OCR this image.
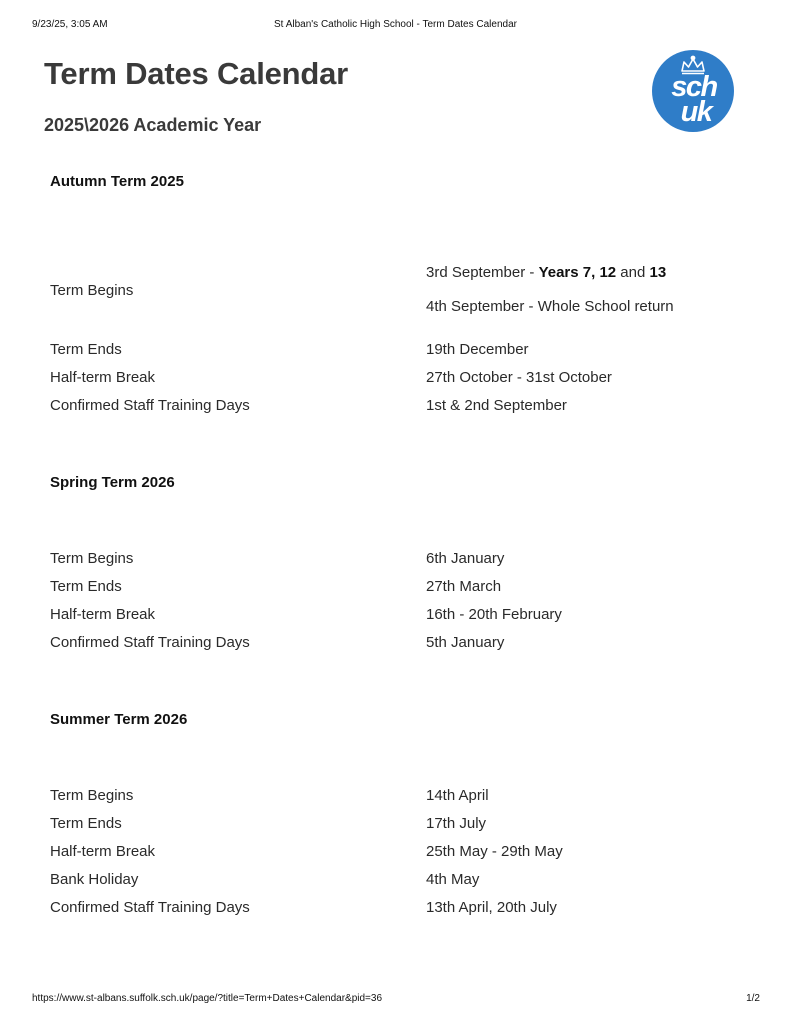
9/23/25, 3:05 AM	St Alban's Catholic High School - Term Dates Calendar
Term Dates Calendar
2025\2026 Academic Year
sch
uk
Autumn Term 2025
Term Begins
3rd September - Years 7, 12 and 13
4th September - Whole School return
Term Ends	19th December
Half-term Break	27th October - 31st October
Confirmed Staff Training Days	1st & 2nd September
Spring Term 2026
Term Begins	6th January
Term Ends	27th March
Half-term Break	16th - 20th February
Confirmed Staff Training Days	5th January
Summer Term 2026
Term Begins	14th April
Term Ends	17th July
Half-term Break	25th May - 29th May
Bank Holiday	4th May
Confirmed Staff Training Days	13th April, 20th July
https://www.st-albans.suffolk.sch.uk/page/?title=Term+Dates+Calendar&pid=36	1/2
